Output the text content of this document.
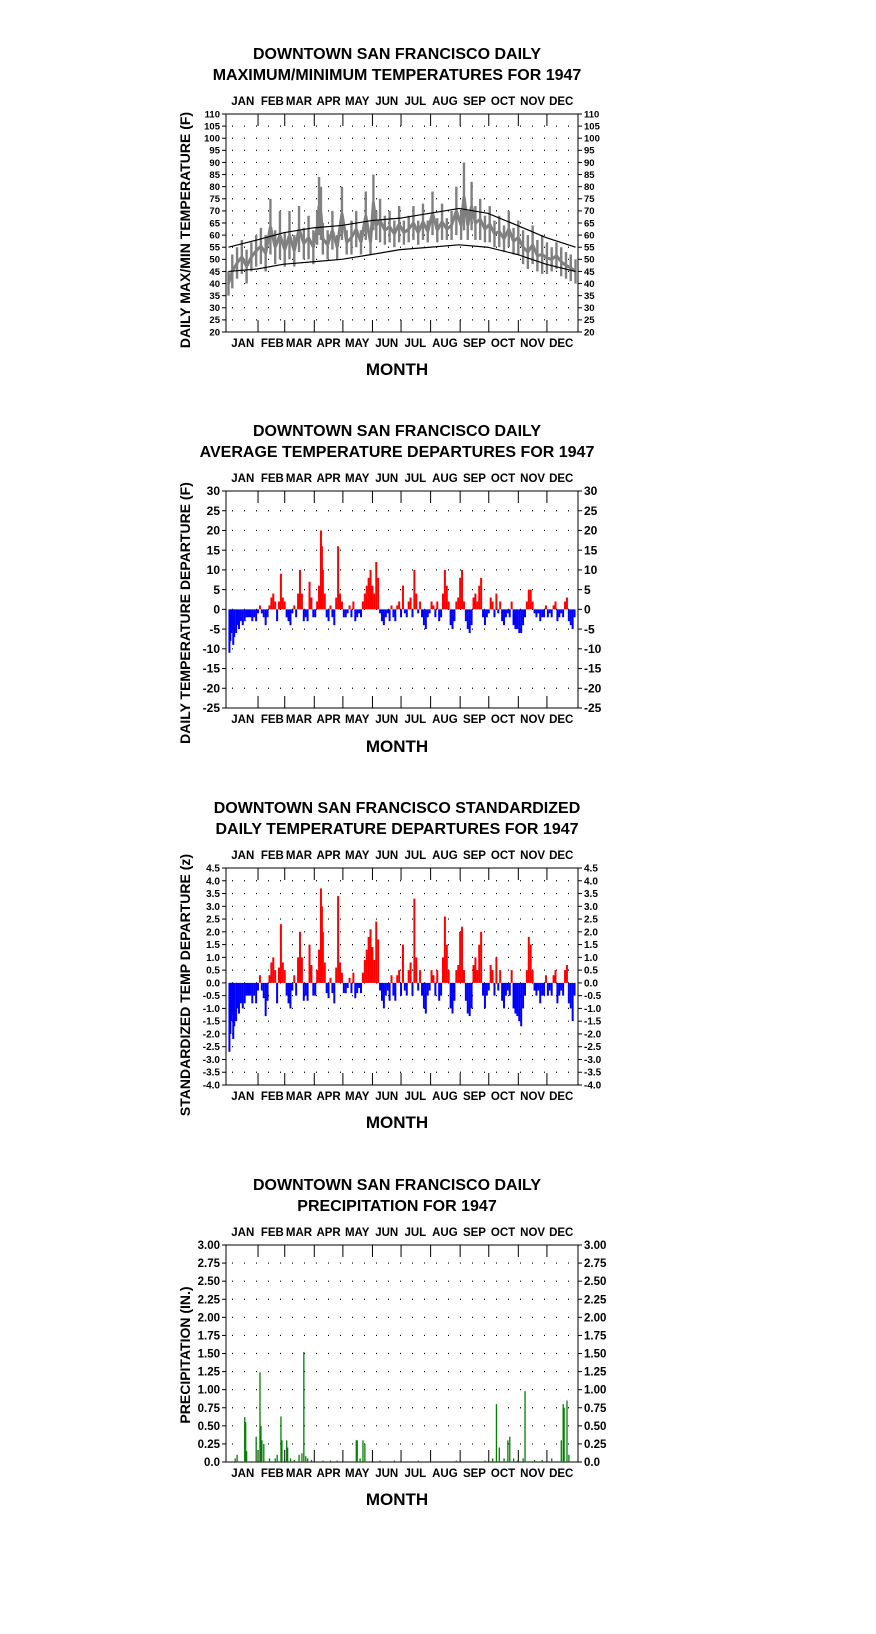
DOWNTOWN SAN FRANCISCO DAILY
MAXIMUM/MINIMUM TEMPERATURES FOR 1947
JAN
JAN
FEB
FEB
MAR
MAR
APR
APR
MAY
MAY
JUN
JUN
JUL
JUL
AUG
AUG
SEP
SEP
OCT
OCT
NOV
NOV
DEC
DEC
DAILY MAX/MIN TEMPERATURE (F)
MONTH
20	20
25	25
30	30
35	35
40	40
45	45
50	50
55	55
60	60
65	65
70	70
75	75
80	80
85	85
90	90
95	95
100	100
105	105
110	110
DOWNTOWN SAN FRANCISCO DAILY
AVERAGE TEMPERATURE DEPARTURES FOR 1947
JAN
JAN
FEB
FEB
MAR
MAR
APR
APR
MAY
MAY
JUN
JUN
JUL
JUL
AUG
AUG
SEP
SEP
OCT
OCT
NOV
NOV
DEC
DEC
DAILY TEMPERATURE DEPARTURE (F)
MONTH
-25	-25
-20	-20
-15	-15
-10	-10
-5	-5
0	0
5	5
10	10
15	15
20	20
25	25
30	30
DOWNTOWN SAN FRANCISCO STANDARDIZED
DAILY TEMPERATURE DEPARTURES FOR 1947
JAN
JAN
FEB
FEB
MAR
MAR
APR
APR
MAY
MAY
JUN
JUN
JUL
JUL
AUG
AUG
SEP
SEP
OCT
OCT
NOV
NOV
DEC
DEC
STANDARDIZED TEMP DEPARTURE (z)
MONTH
-4.0	-4.0
-3.5	-3.5
-3.0	-3.0
-2.5	-2.5
-2.0	-2.0
-1.5	-1.5
-1.0	-1.0
-0.5	-0.5
0.0	0.0
0.5	0.5
1.0	1.0
1.5	1.5
2.0	2.0
2.5	2.5
3.0	3.0
3.5	3.5
4.0	4.0
4.5	4.5
DOWNTOWN SAN FRANCISCO DAILY
PRECIPITATION FOR 1947
JAN
JAN
FEB
FEB
MAR
MAR
APR
APR
MAY
MAY
JUN
JUN
JUL
JUL
AUG
AUG
SEP
SEP
OCT
OCT
NOV
NOV
DEC
DEC
PRECIPITATION (IN.)
MONTH
0.0	0.0
0.25	0.25
0.50	0.50
0.75	0.75
1.00	1.00
1.25	1.25
1.50	1.50
1.75	1.75
2.00	2.00
2.25	2.25
2.50	2.50
2.75	2.75
3.00	3.00
